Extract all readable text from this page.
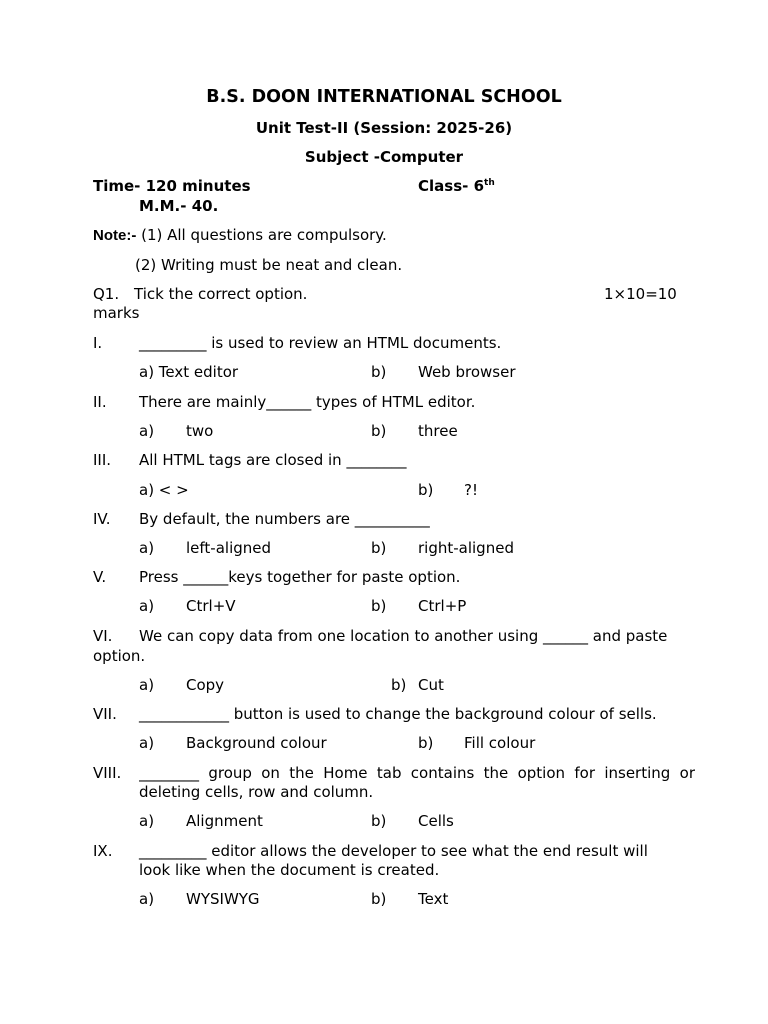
B.S. DOON INTERNATIONAL SCHOOL
Unit Test-II (Session: 2025-26)
Subject -Computer
Time- 120 minutes	Class- 6th
M.M.- 40.
Note:- (1) All questions are compulsory.
(2) Writing must be neat and clean.
Q1. Tick the correct option.	1×10=10
marks
I. _________ is used to review an HTML documents.
a) Text editor	b) Web browser
II. There are mainly______ types of HTML editor.
a) two	b) three
III. All HTML tags are closed in ________
a) < >	b) ?!
IV. By default, the numbers are __________
a) left-aligned	b) right-aligned
V. Press ______keys together for paste option.
a) Ctrl+V	b) Ctrl+P
VI. We can copy data from one location to another using ______ and paste
option.
a) Copy	b) Cut
VII. ____________ button is used to change the background colour of sells.
a) Background colour	b) Fill colour
VIII. ________ group on the Home tab contains the option for inserting or
deleting cells, row and column.
a) Alignment	b) Cells
IX. _________ editor allows the developer to see what the end result will
look like when the document is created.
a) WYSIWYG	b) Text
